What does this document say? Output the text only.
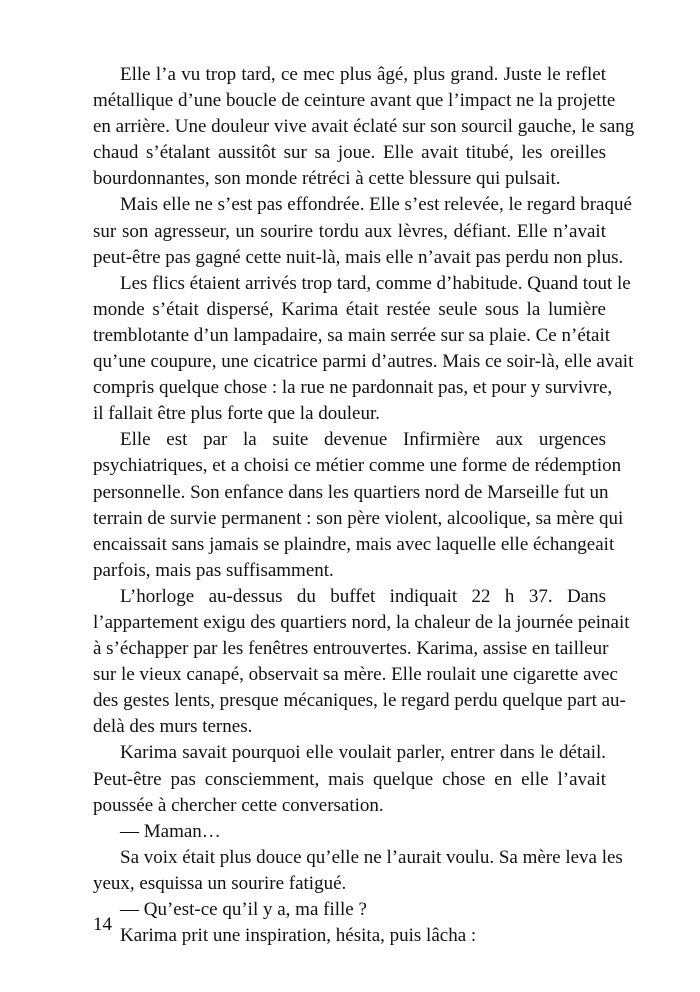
Elle l’a vu trop tard, ce mec plus âgé, plus grand. Juste le reflet
métallique d’une boucle de ceinture avant que l’impact ne la projette
en arrière. Une douleur vive avait éclaté sur son sourcil gauche, le sang
chaud s’étalant aussitôt sur sa joue. Elle avait titubé, les oreilles
bourdonnantes, son monde rétréci à cette blessure qui pulsait.
Mais elle ne s’est pas effondrée. Elle s’est relevée, le regard braqué
sur son agresseur, un sourire tordu aux lèvres, défiant. Elle n’avait
peut-être pas gagné cette nuit-là, mais elle n’avait pas perdu non plus.
Les flics étaient arrivés trop tard, comme d’habitude. Quand tout le
monde s’était dispersé, Karima était restée seule sous la lumière
tremblotante d’un lampadaire, sa main serrée sur sa plaie. Ce n’était
qu’une coupure, une cicatrice parmi d’autres. Mais ce soir-là, elle avait
compris quelque chose : la rue ne pardonnait pas, et pour y survivre,
il fallait être plus forte que la douleur.
Elle est par la suite devenue Infirmière aux urgences
psychiatriques, et a choisi ce métier comme une forme de rédemption
personnelle. Son enfance dans les quartiers nord de Marseille fut un
terrain de survie permanent : son père violent, alcoolique, sa mère qui
encaissait sans jamais se plaindre, mais avec laquelle elle échangeait
parfois, mais pas suffisamment.
L’horloge au-dessus du buffet indiquait 22 h 37. Dans
l’appartement exigu des quartiers nord, la chaleur de la journée peinait
à s’échapper par les fenêtres entrouvertes. Karima, assise en tailleur
sur le vieux canapé, observait sa mère. Elle roulait une cigarette avec
des gestes lents, presque mécaniques, le regard perdu quelque part au-
delà des murs ternes.
Karima savait pourquoi elle voulait parler, entrer dans le détail.
Peut-être pas consciemment, mais quelque chose en elle l’avait
poussée à chercher cette conversation.
— Maman…
Sa voix était plus douce qu’elle ne l’aurait voulu. Sa mère leva les
yeux, esquissa un sourire fatigué.
— Qu’est-ce qu’il y a, ma fille ?
Karima prit une inspiration, hésita, puis lâcha :
14
